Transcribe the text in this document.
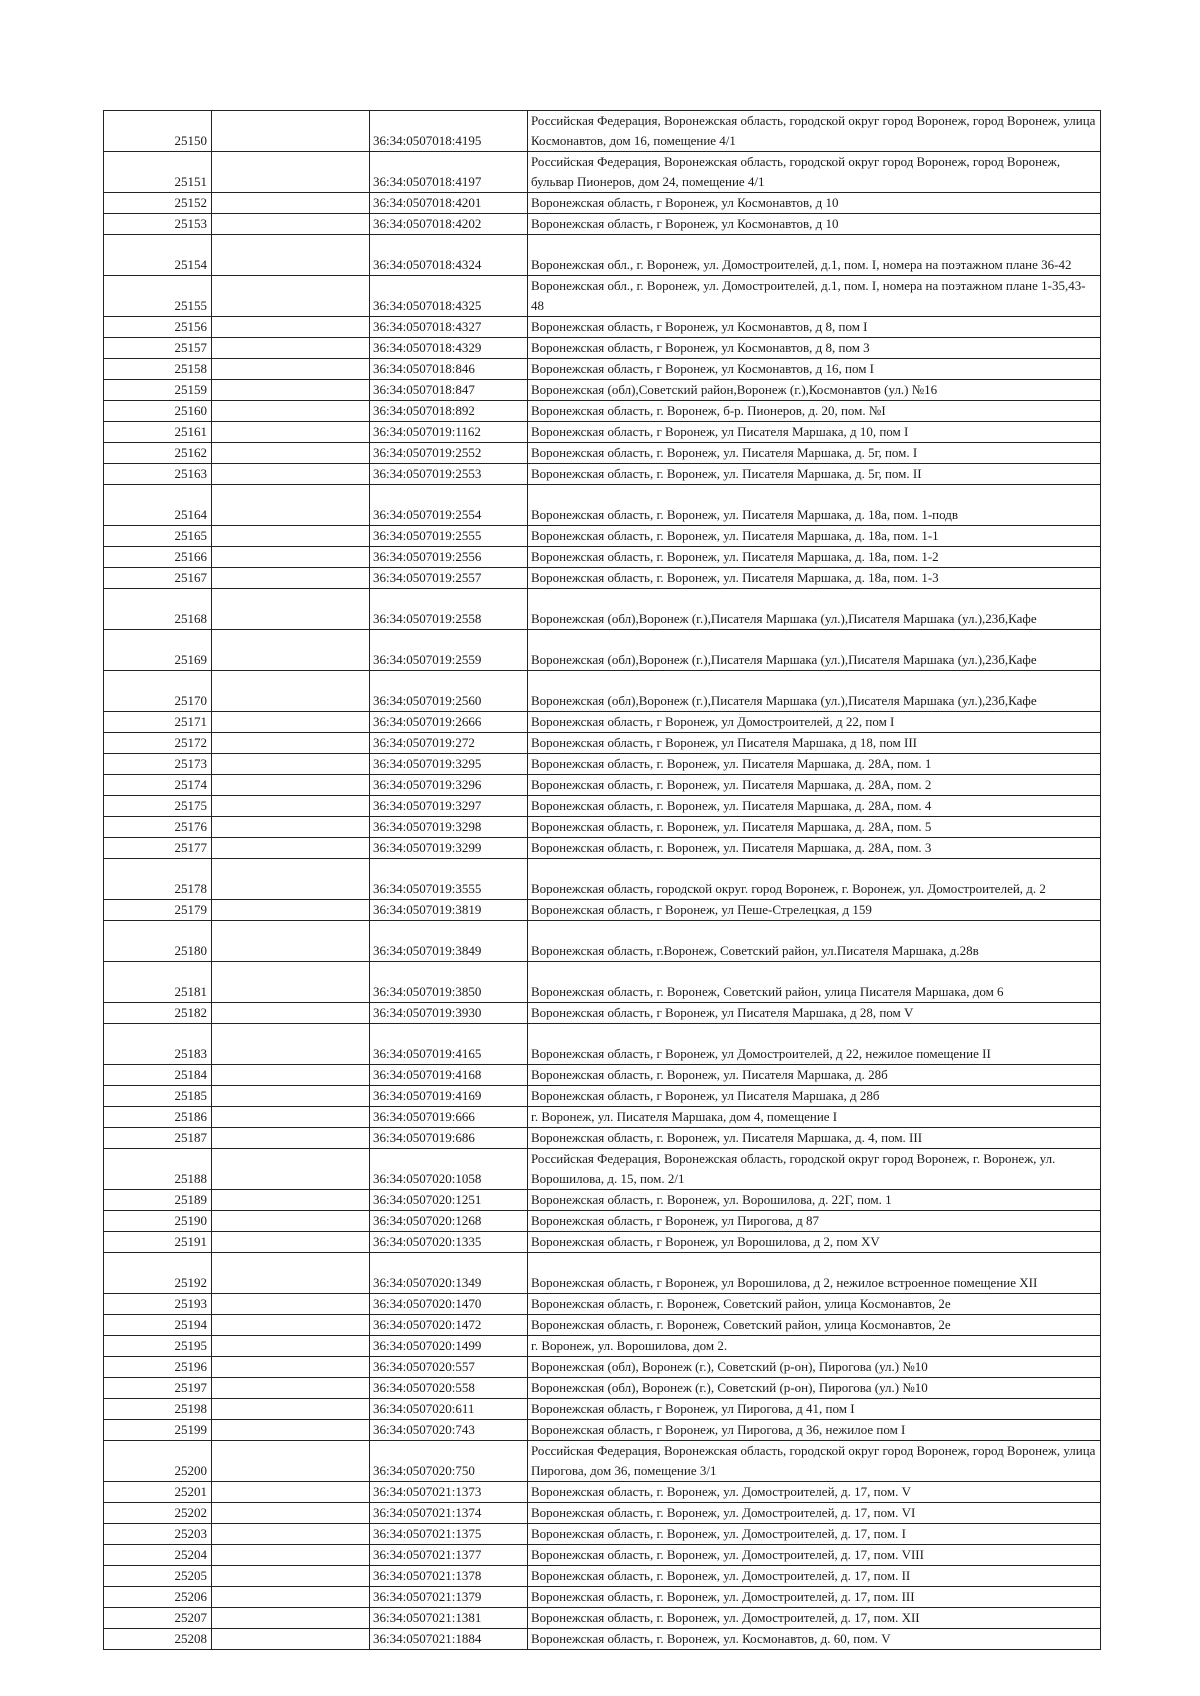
25150		36:34:0507018:4195	Российская Федерация, Воронежская область, городской округ город Воронеж, город Воронеж, улица Космонавтов, дом 16, помещение 4/1
25151		36:34:0507018:4197	Российская Федерация, Воронежская область, городской округ город Воронеж, город Воронеж, бульвар Пионеров, дом 24, помещение 4/1
25152		36:34:0507018:4201	Воронежская область, г Воронеж, ул Космонавтов, д 10
25153		36:34:0507018:4202	Воронежская область, г Воронеж, ул Космонавтов, д 10
25154		36:34:0507018:4324	Воронежская обл., г. Воронеж, ул. Домостроителей, д.1, пом. I, номера на поэтажном плане 36-42
25155		36:34:0507018:4325	Воронежская обл., г. Воронеж, ул. Домостроителей, д.1, пом. I, номера на поэтажном плане 1-35,43-48
25156		36:34:0507018:4327	Воронежская область, г Воронеж, ул Космонавтов, д 8, пом I
25157		36:34:0507018:4329	Воронежская область, г Воронеж, ул Космонавтов, д 8, пом 3
25158		36:34:0507018:846	Воронежская область, г Воронеж, ул Космонавтов, д 16, пом I
25159		36:34:0507018:847	Воронежская (обл),Советский район,Воронеж (г.),Космонавтов (ул.) №16
25160		36:34:0507018:892	Воронежская область, г. Воронеж, б-р. Пионеров, д. 20, пом. №I
25161		36:34:0507019:1162	Воронежская область, г Воронеж, ул Писателя Маршака, д 10, пом I
25162		36:34:0507019:2552	Воронежская область, г. Воронеж, ул. Писателя Маршака, д. 5г, пом. I
25163		36:34:0507019:2553	Воронежская область, г. Воронеж, ул. Писателя Маршака, д. 5г, пом. II
25164		36:34:0507019:2554	Воронежская область, г. Воронеж, ул. Писателя Маршака, д. 18а, пом. 1-подв
25165		36:34:0507019:2555	Воронежская область, г. Воронеж, ул. Писателя Маршака, д. 18а, пом. 1-1
25166		36:34:0507019:2556	Воронежская область, г. Воронеж, ул. Писателя Маршака, д. 18а, пом. 1-2
25167		36:34:0507019:2557	Воронежская область, г. Воронеж, ул. Писателя Маршака, д. 18а, пом. 1-3
25168		36:34:0507019:2558	Воронежская (обл),Воронеж (г.),Писателя Маршака (ул.),Писателя Маршака (ул.),23б,Кафе
25169		36:34:0507019:2559	Воронежская (обл),Воронеж (г.),Писателя Маршака (ул.),Писателя Маршака (ул.),23б,Кафе
25170		36:34:0507019:2560	Воронежская (обл),Воронеж (г.),Писателя Маршака (ул.),Писателя Маршака (ул.),23б,Кафе
25171		36:34:0507019:2666	Воронежская область, г Воронеж, ул Домостроителей, д 22, пом I
25172		36:34:0507019:272	Воронежская область, г Воронеж, ул Писателя Маршака, д 18, пом III
25173		36:34:0507019:3295	Воронежская область, г. Воронеж, ул. Писателя Маршака, д. 28А, пом. 1
25174		36:34:0507019:3296	Воронежская область, г. Воронеж, ул. Писателя Маршака, д. 28А, пом. 2
25175		36:34:0507019:3297	Воронежская область, г. Воронеж, ул. Писателя Маршака, д. 28А, пом. 4
25176		36:34:0507019:3298	Воронежская область, г. Воронеж, ул. Писателя Маршака, д. 28А, пом. 5
25177		36:34:0507019:3299	Воронежская область, г. Воронеж, ул. Писателя Маршака, д. 28А, пом. 3
25178		36:34:0507019:3555	Воронежская область, городской округ. город Воронеж, г. Воронеж, ул. Домостроителей, д. 2
25179		36:34:0507019:3819	Воронежская область, г Воронеж, ул Пеше-Стрелецкая, д 159
25180		36:34:0507019:3849	Воронежская область, г.Воронеж, Советский район, ул.Писателя Маршака, д.28в
25181		36:34:0507019:3850	Воронежская область, г. Воронеж, Советский район, улица Писателя Маршака, дом 6
25182		36:34:0507019:3930	Воронежская область, г Воронеж, ул Писателя Маршака, д 28, пом V
25183		36:34:0507019:4165	Воронежская область, г Воронеж, ул Домостроителей, д 22, нежилое помещение II
25184		36:34:0507019:4168	Воронежская область, г. Воронеж, ул. Писателя Маршака, д. 28б
25185		36:34:0507019:4169	Воронежская область, г Воронеж, ул Писателя Маршака, д 28б
25186		36:34:0507019:666	г. Воронеж, ул. Писателя Маршака, дом 4, помещение I
25187		36:34:0507019:686	Воронежская область, г. Воронеж, ул. Писателя Маршака, д. 4, пом. III
25188		36:34:0507020:1058	Российская Федерация, Воронежская область, городской округ город Воронеж, г. Воронеж, ул. Ворошилова, д. 15, пом. 2/1
25189		36:34:0507020:1251	Воронежская область, г. Воронеж, ул. Ворошилова, д. 22Г, пом. 1
25190		36:34:0507020:1268	Воронежская область, г Воронеж, ул Пирогова, д 87
25191		36:34:0507020:1335	Воронежская область, г Воронеж, ул Ворошилова, д 2, пом XV
25192		36:34:0507020:1349	Воронежская область, г Воронеж, ул Ворошилова, д 2, нежилое встроенное помещение XII
25193		36:34:0507020:1470	Воронежская область, г. Воронеж, Советский район, улица Космонавтов, 2е
25194		36:34:0507020:1472	Воронежская область, г. Воронеж, Советский район, улица Космонавтов, 2е
25195		36:34:0507020:1499	г. Воронеж, ул. Ворошилова, дом 2.
25196		36:34:0507020:557	Воронежская (обл), Воронеж (г.), Советский (р-он), Пирогова (ул.) №10
25197		36:34:0507020:558	Воронежская (обл), Воронеж (г.), Советский (р-он), Пирогова (ул.) №10
25198		36:34:0507020:611	Воронежская область, г Воронеж, ул Пирогова, д 41, пом I
25199		36:34:0507020:743	Воронежская область, г Воронеж, ул Пирогова, д 36, нежилое пом I
25200		36:34:0507020:750	Российская Федерация, Воронежская область, городской округ город Воронеж, город Воронеж, улица Пирогова, дом 36, помещение 3/1
25201		36:34:0507021:1373	Воронежская область, г. Воронеж, ул. Домостроителей, д. 17, пом. V
25202		36:34:0507021:1374	Воронежская область, г. Воронеж, ул. Домостроителей, д. 17, пом. VI
25203		36:34:0507021:1375	Воронежская область, г. Воронеж, ул. Домостроителей, д. 17, пом. I
25204		36:34:0507021:1377	Воронежская область, г. Воронеж, ул. Домостроителей, д. 17, пом. VIII
25205		36:34:0507021:1378	Воронежская область, г. Воронеж, ул. Домостроителей, д. 17, пом. II
25206		36:34:0507021:1379	Воронежская область, г. Воронеж, ул. Домостроителей, д. 17, пом. III
25207		36:34:0507021:1381	Воронежская область, г. Воронеж, ул. Домостроителей, д. 17, пом. XII
25208		36:34:0507021:1884	Воронежская область, г. Воронеж, ул. Космонавтов, д. 60, пом. V
